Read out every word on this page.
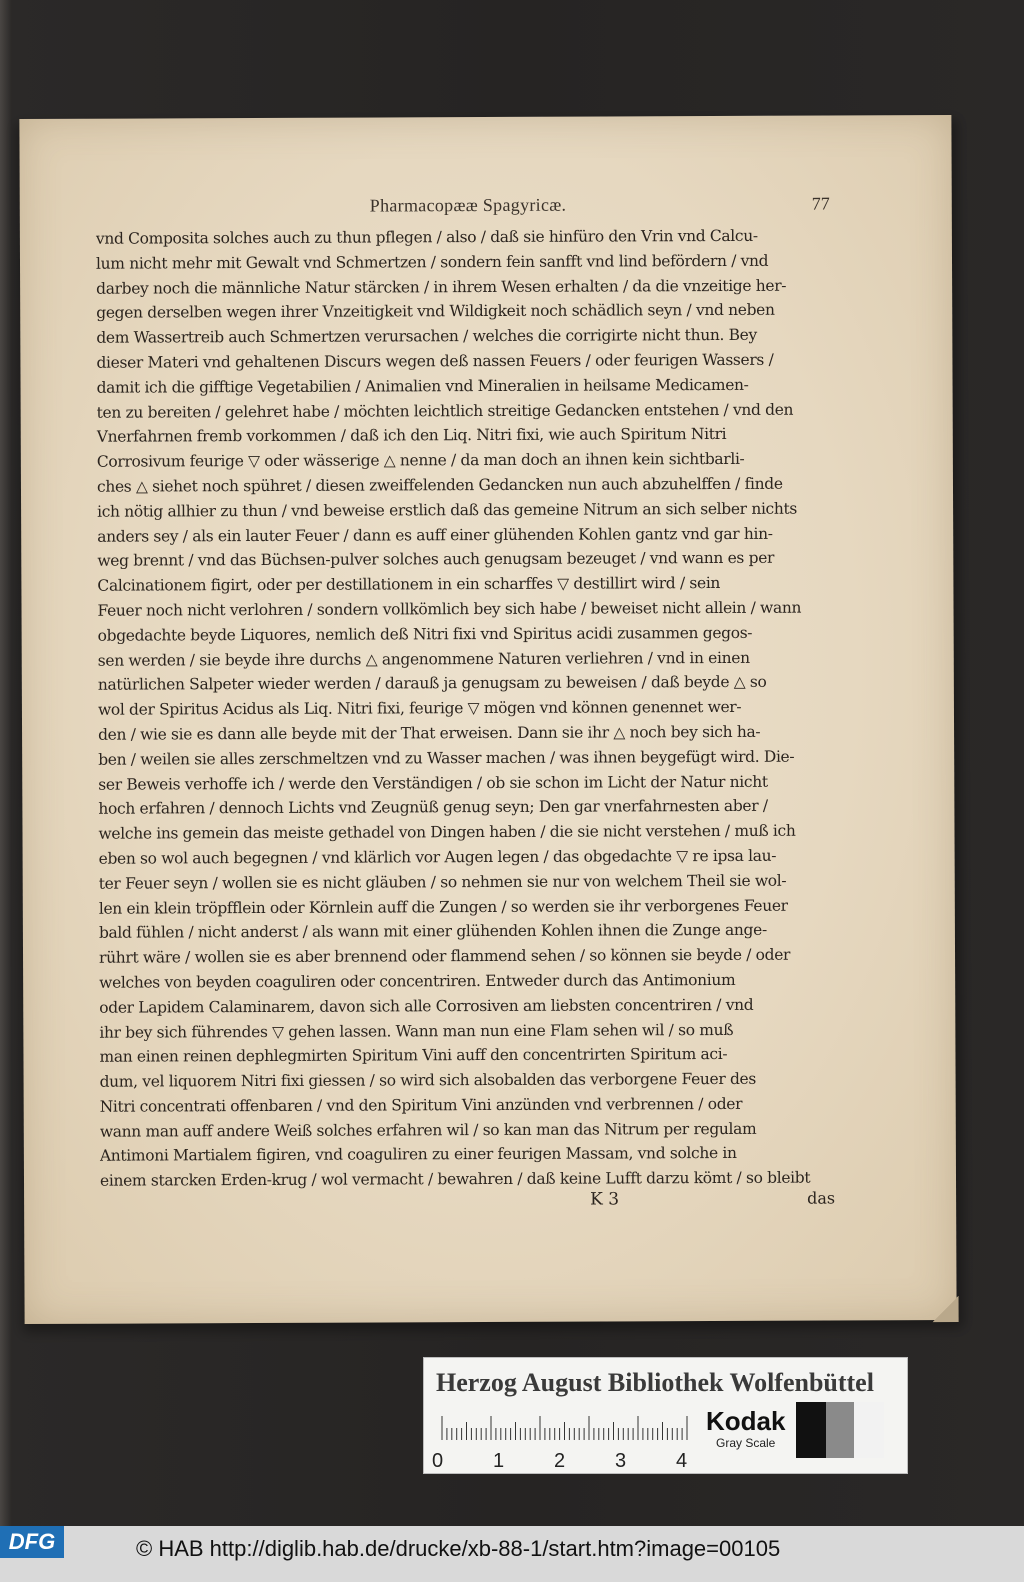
Pharmacopææ Spagyricæ.	77
vnd Composita solches auch zu thun pflegen / also / daß sie hinfüro den Vrin vnd Calcu-
lum nicht mehr mit Gewalt vnd Schmertzen / sondern fein sanfft vnd lind befördern / vnd
darbey noch die männliche Natur stärcken / in ihrem Wesen erhalten / da die vnzeitige her-
gegen derselben wegen ihrer Vnzeitigkeit vnd Wildigkeit noch schädlich seyn / vnd neben
dem Wassertreib auch Schmertzen verursachen / welches die corrigirte nicht thun. Bey
dieser Materi vnd gehaltenen Discurs wegen deß nassen Feuers / oder feurigen Wassers /
damit ich die gifftige Vegetabilien / Animalien vnd Mineralien in heilsame Medicamen-
ten zu bereiten / gelehret habe / möchten leichtlich streitige Gedancken entstehen / vnd den
Vnerfahrnen fremb vorkommen / daß ich den Liq. Nitri fixi, wie auch Spiritum Nitri
Corrosivum feurige ▽ oder wässerige △ nenne / da man doch an ihnen kein sichtbarli-
ches △ siehet noch spühret / diesen zweiffelenden Gedancken nun auch abzuhelffen / finde
ich nötig allhier zu thun / vnd beweise erstlich daß das gemeine Nitrum an sich selber nichts
anders sey / als ein lauter Feuer / dann es auff einer glühenden Kohlen gantz vnd gar hin-
weg brennt / vnd das Büchsen-pulver solches auch genugsam bezeuget / vnd wann es per
Calcinationem figirt, oder per destillationem in ein scharffes ▽ destillirt wird / sein
Feuer noch nicht verlohren / sondern vollkömlich bey sich habe / beweiset nicht allein / wann
obgedachte beyde Liquores, nemlich deß Nitri fixi vnd Spiritus acidi zusammen gegos-
sen werden / sie beyde ihre durchs △ angenommene Naturen verliehren / vnd in einen
natürlichen Salpeter wieder werden / darauß ja genugsam zu beweisen / daß beyde △ so
wol der Spiritus Acidus als Liq. Nitri fixi, feurige ▽ mögen vnd können genennet wer-
den / wie sie es dann alle beyde mit der That erweisen. Dann sie ihr △ noch bey sich ha-
ben / weilen sie alles zerschmeltzen vnd zu Wasser machen / was ihnen beygefügt wird. Die-
ser Beweis verhoffe ich / werde den Verständigen / ob sie schon im Licht der Natur nicht
hoch erfahren / dennoch Lichts vnd Zeugnüß genug seyn; Den gar vnerfahrnesten aber /
welche ins gemein das meiste gethadel von Dingen haben / die sie nicht verstehen / muß ich
eben so wol auch begegnen / vnd klärlich vor Augen legen / das obgedachte ▽ re ipsa lau-
ter Feuer seyn / wollen sie es nicht gläuben / so nehmen sie nur von welchem Theil sie wol-
len ein klein tröpfflein oder Körnlein auff die Zungen / so werden sie ihr verborgenes Feuer
bald fühlen / nicht anderst / als wann mit einer glühenden Kohlen ihnen die Zunge ange-
rührt wäre / wollen sie es aber brennend oder flammend sehen / so können sie beyde / oder
welches von beyden coaguliren oder concentriren. Entweder durch das Antimonium
oder Lapidem Calaminarem, davon sich alle Corrosiven am liebsten concentriren / vnd
ihr bey sich führendes ▽ gehen lassen. Wann man nun eine Flam sehen wil / so muß
man einen reinen dephlegmirten Spiritum Vini auff den concentrirten Spiritum aci-
dum, vel liquorem Nitri fixi giessen / so wird sich alsobalden das verborgene Feuer des
Nitri concentrati offenbaren / vnd den Spiritum Vini anzünden vnd verbrennen / oder
wann man auff andere Weiß solches erfahren wil / so kan man das Nitrum per regulam
Antimoni Martialem figiren, vnd coaguliren zu einer feurigen Massam, vnd solche in
einem starcken Erden-krug / wol vermacht / bewahren / daß keine Lufft darzu kömt / so bleibt
K 3	das
Herzog August Bibliothek Wolfenbüttel
0 1 2 3 4
Kodak
Gray Scale
DFG	© HAB http://diglib.hab.de/drucke/xb-88-1/start.htm?image=00105
